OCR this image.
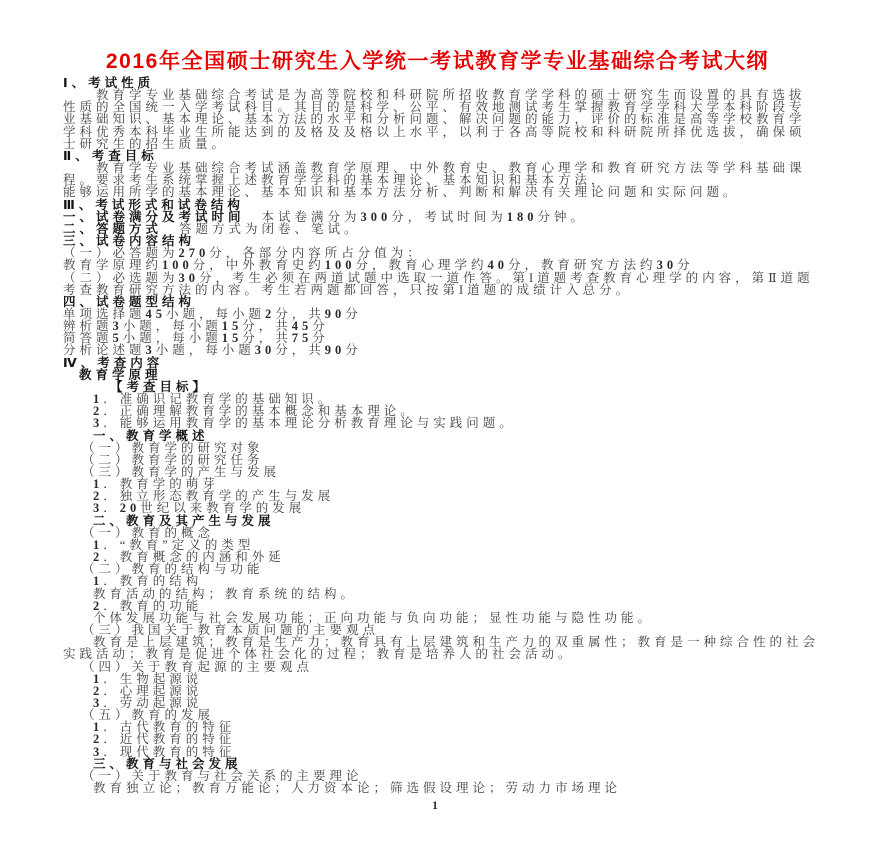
2016年全国硕士研究生入学统一考试教育学专业基础综合考试大纲
Ⅰ、考试性质
教育学专业基础综合考试是为高等院校和科研院所招收教育学学科的硕士研究生而设置的具有选拔
性质的全国统一入学考试科目。其目的是科学、公平、有效地测试考生掌握教育学学科大学本科阶段专
业基础知识、基本理论、基本方法的水平和分析问题、解决问题的能力，评价的标准是高等学校教育学
学科优秀本科毕业生所能达到的及格及及格以上水平，以利于各高等院校和科研院所择优选拔，确保硕
士研究生的招生质量。
Ⅱ、考查目标
教育学专业基础综合考试涵盖教育学原理、中外教育史、教育心理学和教育研究方法等学科基础课
程。要求考生系统掌握上述教育学学科的基本理论、基本知识和基本方法，
能够运用所学的基本理论、基本知识和基本方法分析、判断和解决有关理论问题和实际问题。
Ⅲ、考试形式和试卷结构
一、试卷满分及考试时间 本试卷满分为300分，考试时间为180分钟。
二、答题方式 答题方式为闭卷、笔试。
三、试卷内容结构
（一）必答题为270分，各部分内容所占分值为：
教育学原理约100分，中外教育史约100分，教育心理学约40分，教育研究方法约30分
（二）必选题为30分，考生必须在两道试题中选取一道作答。第I道题考查教育心理学的内容，第Ⅱ道题
考查教育研究方法的内容。考生若两题都回答，只按第I道题的成绩计入总分。
四、试卷题型结构
单项选择题45小题，每小题2分，共90分
辨析题3小题，每小题15分，共45分
简答题5小题，每小题15分，共75分
分析论述题3小题，每小题30分，共90分
Ⅳ、考查内容
教育学原理
【考查目标】
1．准确识记教育学的基础知识。
2．正确理解教育学的基本概念和基本理论。
3．能够运用教育学的基本理论分析教育理论与实践问题。
一、教育学概述
（一）教育学的研究对象
（二）教育学的研究任务
（三）教育学的产生与发展
1．教育学的萌芽
2．独立形态教育学的产生与发展
3．20世纪以来教育学的发展
二、教育及其产生与发展
（一）教育的概念
1．“教育”定义的类型
2．教育概念的内涵和外延
（二）教育的结构与功能
1．教育的结构
教育活动的结构；教育系统的结构。
2．教育的功能
个体发展功能与社会发展功能；正向功能与负向功能；显性功能与隐性功能。
（三）我国关于教育本质问题的主要观点
教育是上层建筑；教育是生产力；教育具有上层建筑和生产力的双重属性；教育是一种综合性的社会
实践活动；教育是促进个体社会化的过程；教育是培养人的社会活动。
（四）关于教育起源的主要观点
1．生物起源说
2．心理起源说
3．劳动起源说
（五）教育的发展
1．古代教育的特征
2．近代教育的特征
3．现代教育的特征
三、教育与社会发展
（一）关于教育与社会关系的主要理论
教育独立论；教育万能论；人力资本论；筛选假设理论；劳动力市场理论
1
